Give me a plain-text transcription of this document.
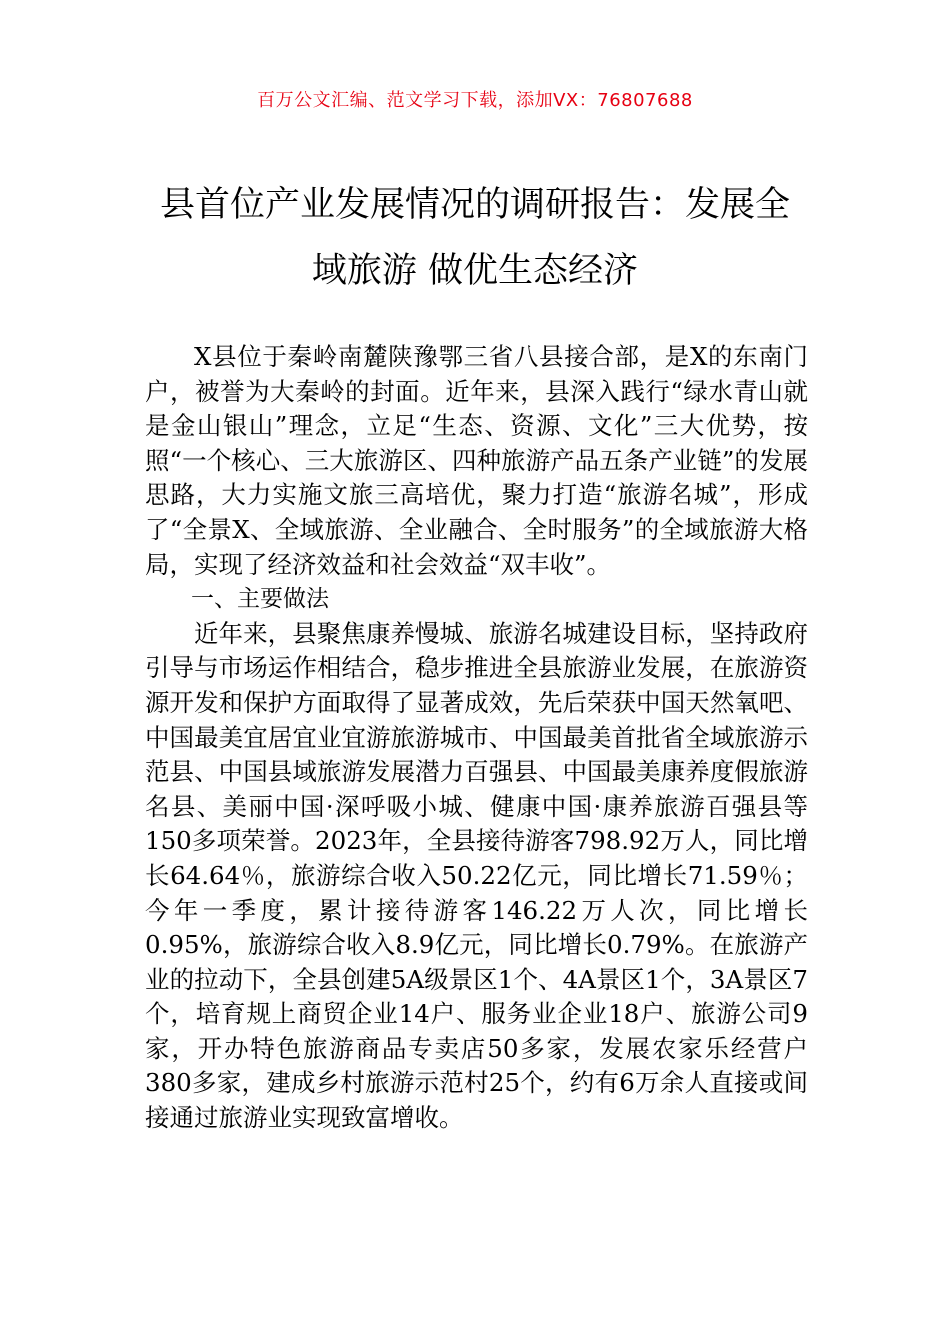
百万公文汇编、范文学习下载，添加VX：76807688
县首位产业发展情况的调研报告：发展全
域旅游 做优生态经济

X县位于秦岭南麓陕豫鄂三省八县接合部，是X的东南门户，被誉为大秦岭的封面。近年来，县深入践行“绿水青山就是金山银山”理念，立足“生态、资源、文化”三大优势，按照“一个核心、三大旅游区、四种旅游产品五条产业链”的发展思路，大力实施文旅三高培优，聚力打造“旅游名城”，形成了“全景X、全域旅游、全业融合、全时服务”的全域旅游大格局，实现了经济效益和社会效益“双丰收”。

一、主要做法

近年来，县聚焦康养慢城、旅游名城建设目标，坚持政府引导与市场运作相结合，稳步推进全县旅游业发展，在旅游资源开发和保护方面取得了显著成效，先后荣获中国天然氧吧、中国最美宜居宜业宜游旅游城市、中国最美首批省全域旅游示范县、中国县域旅游发展潜力百强县、中国最美康养度假旅游名县、美丽中国·深呼吸小城、健康中国·康养旅游百强县等150多项荣誉。2023年，全县接待游客798.92万人，同比增长64.64％，旅游综合收入50.22亿元，同比增长71.59％；今年一季度，累计接待游客146.22万人次，同比增长0.95%，旅游综合收入8.9亿元，同比增长0.79%。在旅游产业的拉动下，全县创建5A级景区1个、4A景区1个，3A景区7个，培育规上商贸企业14户、服务业企业18户、旅游公司9家，开办特色旅游商品专卖店50多家，发展农家乐经营户380多家，建成乡村旅游示范村25个，约有6万余人直接或间接通过旅游业实现致富增收。
